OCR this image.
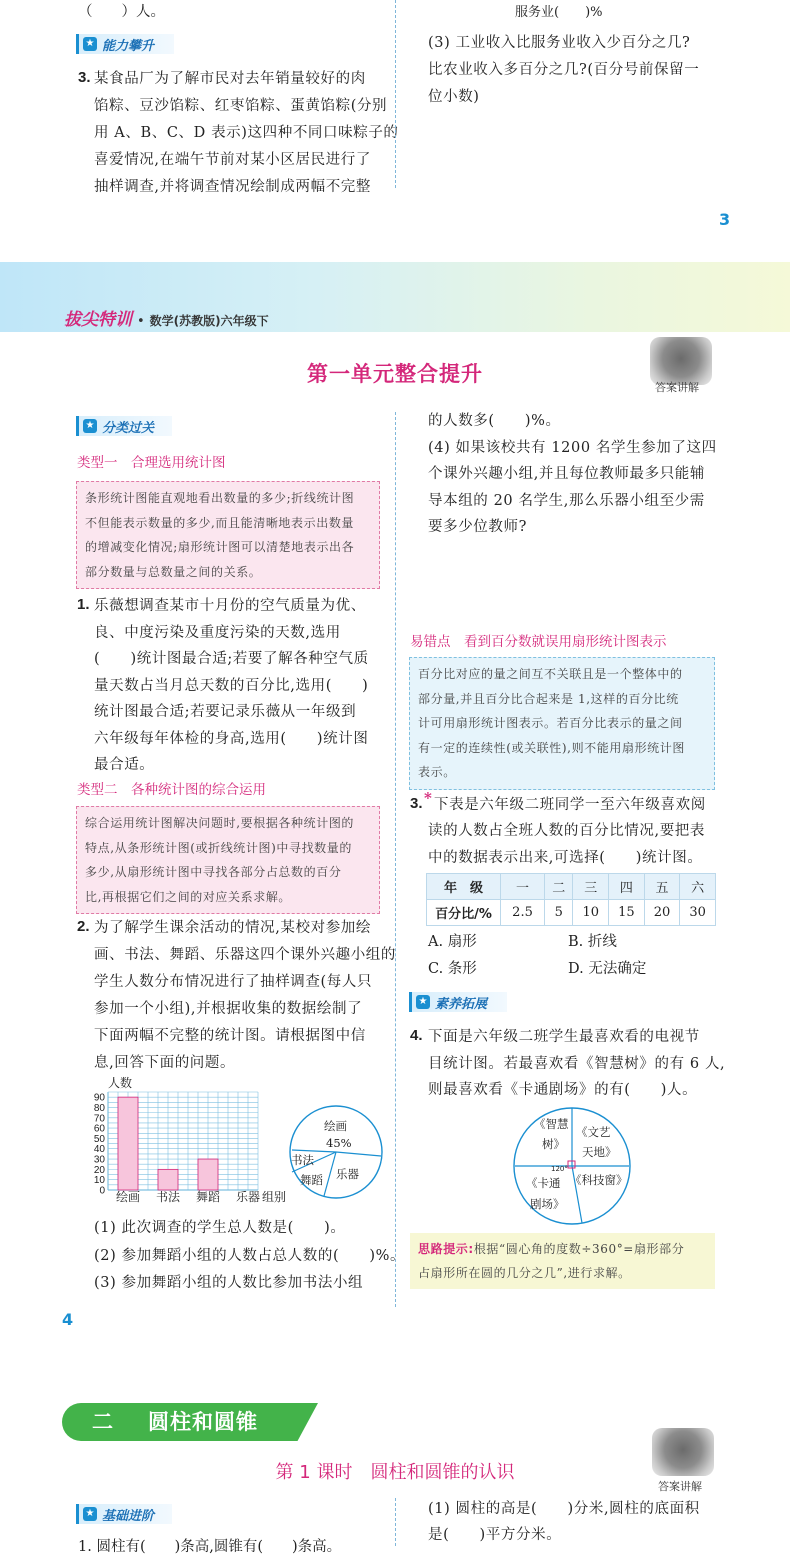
（　　）人。
★ 能力攀升
3. 某食品厂为了解市民对去年销量较好的肉
馅粽、豆沙馅粽、红枣馅粽、蛋黄馅粽(分别
用 A、B、C、D 表示)这四种不同口味粽子的
喜爱情况,在端午节前对某小区居民进行了
抽样调查,并将调查情况绘制成两幅不完整
服务业(　　)%
(3) 工业收入比服务业收入少百分之几?
比农业收入多百分之几?(百分号前保留一
位小数)
3
拔尖特训 • 数学(苏教版)六年级下
第一单元整合提升
答案讲解
★ 分类过关
类型一　合理选用统计图
条形统计图能直观地看出数量的多少;折线统计图
不但能表示数量的多少,而且能清晰地表示出数量
的增减变化情况;扇形统计图可以清楚地表示出各
部分数量与总数量之间的关系。
1. 乐薇想调查某市十月份的空气质量为优、
良、中度污染及重度污染的天数,选用
(　　)统计图最合适;若要了解各种空气质
量天数占当月总天数的百分比,选用(　　)
统计图最合适;若要记录乐薇从一年级到
六年级每年体检的身高,选用(　　)统计图
最合适。
类型二　各种统计图的综合运用
综合运用统计图解决问题时,要根据各种统计图的
特点,从条形统计图(或折线统计图)中寻找数量的
多少,从扇形统计图中寻找各部分占总数的百分
比,再根据它们之间的对应关系求解。
2. 为了解学生课余活动的情况,某校对参加绘
画、书法、舞蹈、乐器这四个课外兴趣小组的
学生人数分布情况进行了抽样调查(每人只
参加一个小组),并根据收集的数据绘制了
下面两幅不完整的统计图。请根据图中信
息,回答下面的问题。
0
10
20
30
40
50
60
70
80
90
绘画 书法 舞蹈 乐器
人数
组别
绘画
45%
书法
舞蹈 乐器
(1) 此次调查的学生总人数是(　　)。
(2) 参加舞蹈小组的人数占总人数的(　　)%。
(3) 参加舞蹈小组的人数比参加书法小组
4
的人数多(　　)%。
(4) 如果该校共有 1200 名学生参加了这四
个课外兴趣小组,并且每位教师最多只能辅
导本组的 20 名学生,那么乐器小组至少需
要多少位教师?
易错点　看到百分数就误用扇形统计图表示
百分比对应的量之间互不关联且是一个整体中的
部分量,并且百分比合起来是 1,这样的百分比统
计可用扇形统计图表示。若百分比表示的量之间
有一定的连续性(或关联性),则不能用扇形统计图
表示。
3. * 下表是六年级二班同学一至六年级喜欢阅
读的人数占全班人数的百分比情况,要把表
中的数据表示出来,可选择(　　)统计图。
年　级	一	二	三	四	五	六
百分比/%	2.5	5	10	15	20	30
A. 扇形	B. 折线
C. 条形	D. 无法确定
★ 素养拓展
4. 下面是六年级二班学生最喜欢看的电视节
目统计图。若最喜欢看《智慧树》的有 6 人,
则最喜欢看《卡通剧场》的有(　　)人。
《智慧
树》
《文艺
天地》
120°
《卡通
剧场》
《科技窗》
思路提示:根据“圆心角的度数÷360°=扇形部分
占扇形所在圆的几分之几”,进行求解。
二 圆柱和圆锥
第 1 课时　圆柱和圆锥的认识
答案讲解
★ 基础进阶
1. 圆柱有(　　)条高,圆锥有(　　)条高。
(1) 圆柱的高是(　　)分米,圆柱的底面积
是(　　)平方分米。
